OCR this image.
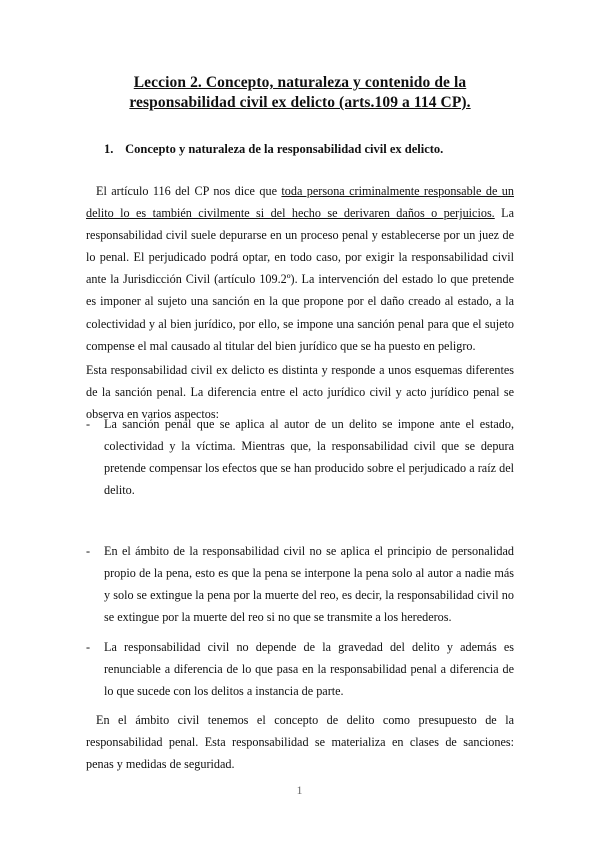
Leccion 2. Concepto, naturaleza y contenido de la responsabilidad civil ex delicto (arts.109 a 114 CP).
1. Concepto y naturaleza de la responsabilidad civil ex delicto.
El artículo 116 del CP nos dice que toda persona criminalmente responsable de un delito lo es también civilmente si del hecho se derivaren daños o perjuicios. La responsabilidad civil suele depurarse en un proceso penal y establecerse por un juez de lo penal. El perjudicado podrá optar, en todo caso, por exigir la responsabilidad civil ante la Jurisdicción Civil (artículo 109.2º). La intervención del estado lo que pretende es imponer al sujeto una sanción en la que propone por el daño creado al estado, a la colectividad y al bien jurídico, por ello, se impone una sanción penal para que el sujeto compense el mal causado al titular del bien jurídico que se ha puesto en peligro.
Esta responsabilidad civil ex delicto es distinta y responde a unos esquemas diferentes de la sanción penal. La diferencia entre el acto jurídico civil y acto jurídico penal se observa en varios aspectos:
-	La sanción penal que se aplica al autor de un delito se impone ante el estado, colectividad y la víctima. Mientras que, la responsabilidad civil que se depura pretende compensar los efectos que se han producido sobre el perjudicado a raíz del delito.
-	En el ámbito de la responsabilidad civil no se aplica el principio de personalidad propio de la pena, esto es que la pena se interpone la pena solo al autor a nadie más y solo se extingue la pena por la muerte del reo, es decir, la responsabilidad civil no se extingue por la muerte del reo si no que se transmite a los herederos.
-	La responsabilidad civil no depende de la gravedad del delito y además es renunciable a diferencia de lo que pasa en la responsabilidad penal a diferencia de lo que sucede con los delitos a instancia de parte.
En el ámbito civil tenemos el concepto de delito como presupuesto de la responsabilidad penal. Esta responsabilidad se materializa en clases de sanciones: penas y medidas de seguridad.
1
